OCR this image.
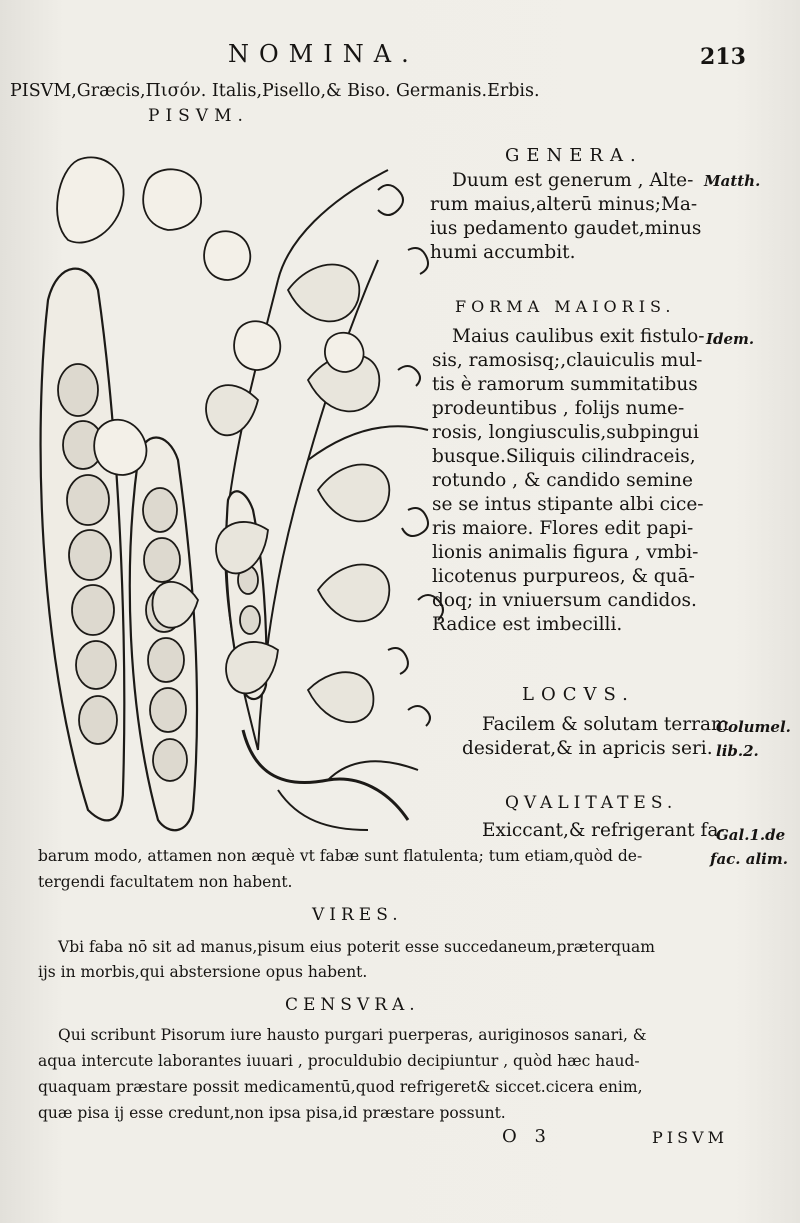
NOMINA.	213
PISVM,Græcis,Πισόν. Italis,Pisello,& Biso. Germanis.Erbis.
PISVM.
GENERA.
Duum est generum , Alte-
rum maius,alterū minus;Ma-
ius pedamento gaudet,minus
humi accumbit.
Matth.
FORMA MAIORIS.
Maius caulibus exit fistulo-
sis, ramosisq;,clauiculis mul-
tis è ramorum summitatibus
prodeuntibus , folijs nume-
rosis, longiusculis,subpingui
busque.Siliquis cilindraceis,
rotundo , & candido semine
se se intus stipante albi cice-
ris maiore. Flores edit papi-
lionis animalis figura , vmbi-
licotenus purpureos, & quā-
doq; in vniuersum candidos.
Radice est imbecilli.
Idem.
LOCVS.
Facilem & solutam terram
desiderat,& in apricis seri.
Columel.
lib.2.
QVALITATES.
Exiccant,& refrigerant fa-
barum modo, attamen non æquè vt fabæ sunt flatulenta; tum etiam,quòd de-
tergendi facultatem non habent.
Gal.1.de
fac. alim.
VIRES.
Vbi faba nō sit ad manus,pisum eius poterit esse succedaneum,præterquam
ijs in morbis,qui abstersione opus habent.
CENSVRA.
Qui scribunt Pisorum iure hausto purgari puerperas, auriginosos sanari, &
aqua intercute laborantes iuuari , proculdubio decipiuntur , quòd hæc haud-
quaquam præstare possit medicamentū,quod refrigeret& siccet.cicera enim,
quæ pisa ij esse credunt,non ipsa pisa,id præstare possunt.
O 3	PISVM
